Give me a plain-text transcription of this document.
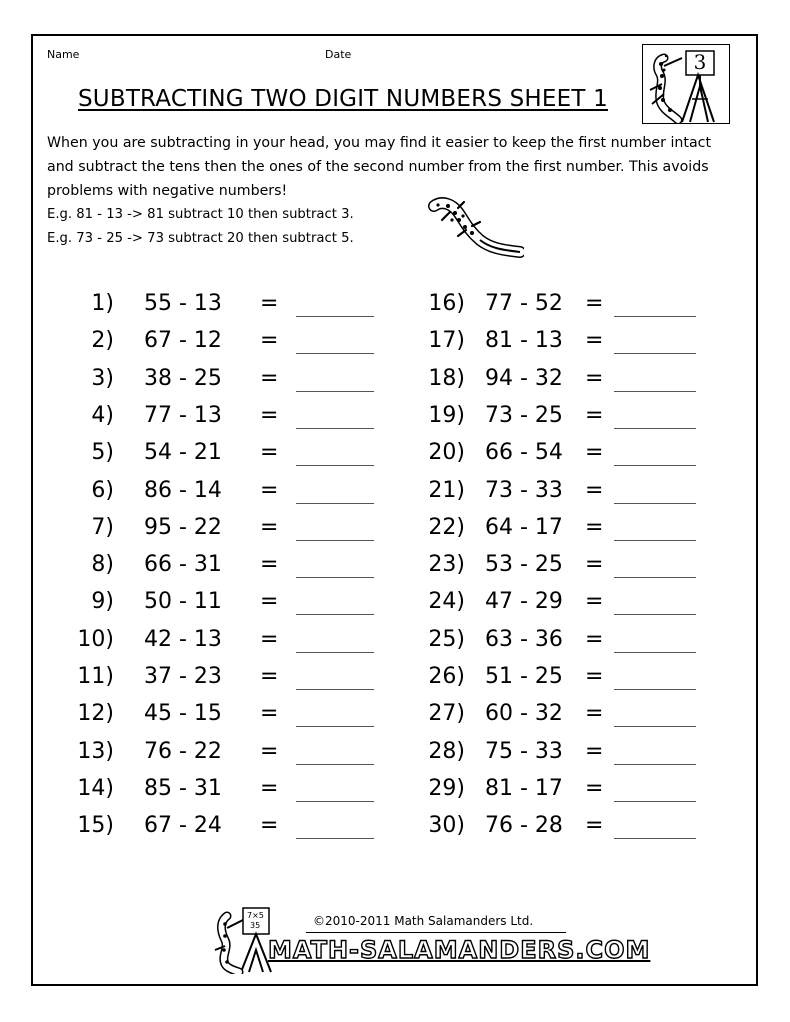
Name	Date	3
SUBTRACTING TWO DIGIT NUMBERS SHEET 1
When you are subtracting in your head, you may find it easier to keep the first number intact
and subtract the tens then the ones of the second number from the first number. This avoids
problems with negative numbers!
E.g. 81 - 13 -> 81 subtract 10 then subtract 3.
E.g. 73 - 25 -> 73 subtract 20 then subtract 5.
1) 55 - 13 =
2) 67 - 12 =
3) 38 - 25 =
4) 77 - 13 =
5) 54 - 21 =
6) 86 - 14 =
7) 95 - 22 =
8) 66 - 31 =
9) 50 - 11 =
10) 42 - 13 =
11) 37 - 23 =
12) 45 - 15 =
13) 76 - 22 =
14) 85 - 31 =
15) 67 - 24 =
16) 77 - 52 =
17) 81 - 13 =
18) 94 - 32 =
19) 73 - 25 =
20) 66 - 54 =
21) 73 - 33 =
22) 64 - 17 =
23) 53 - 25 =
24) 47 - 29 =
25) 63 - 36 =
26) 51 - 25 =
27) 60 - 32 =
28) 75 - 33 =
29) 81 - 17 =
30) 76 - 28 =
7×5
35	©2010-2011 Math Salamanders Ltd.
MATH-SALAMANDERS.COM
